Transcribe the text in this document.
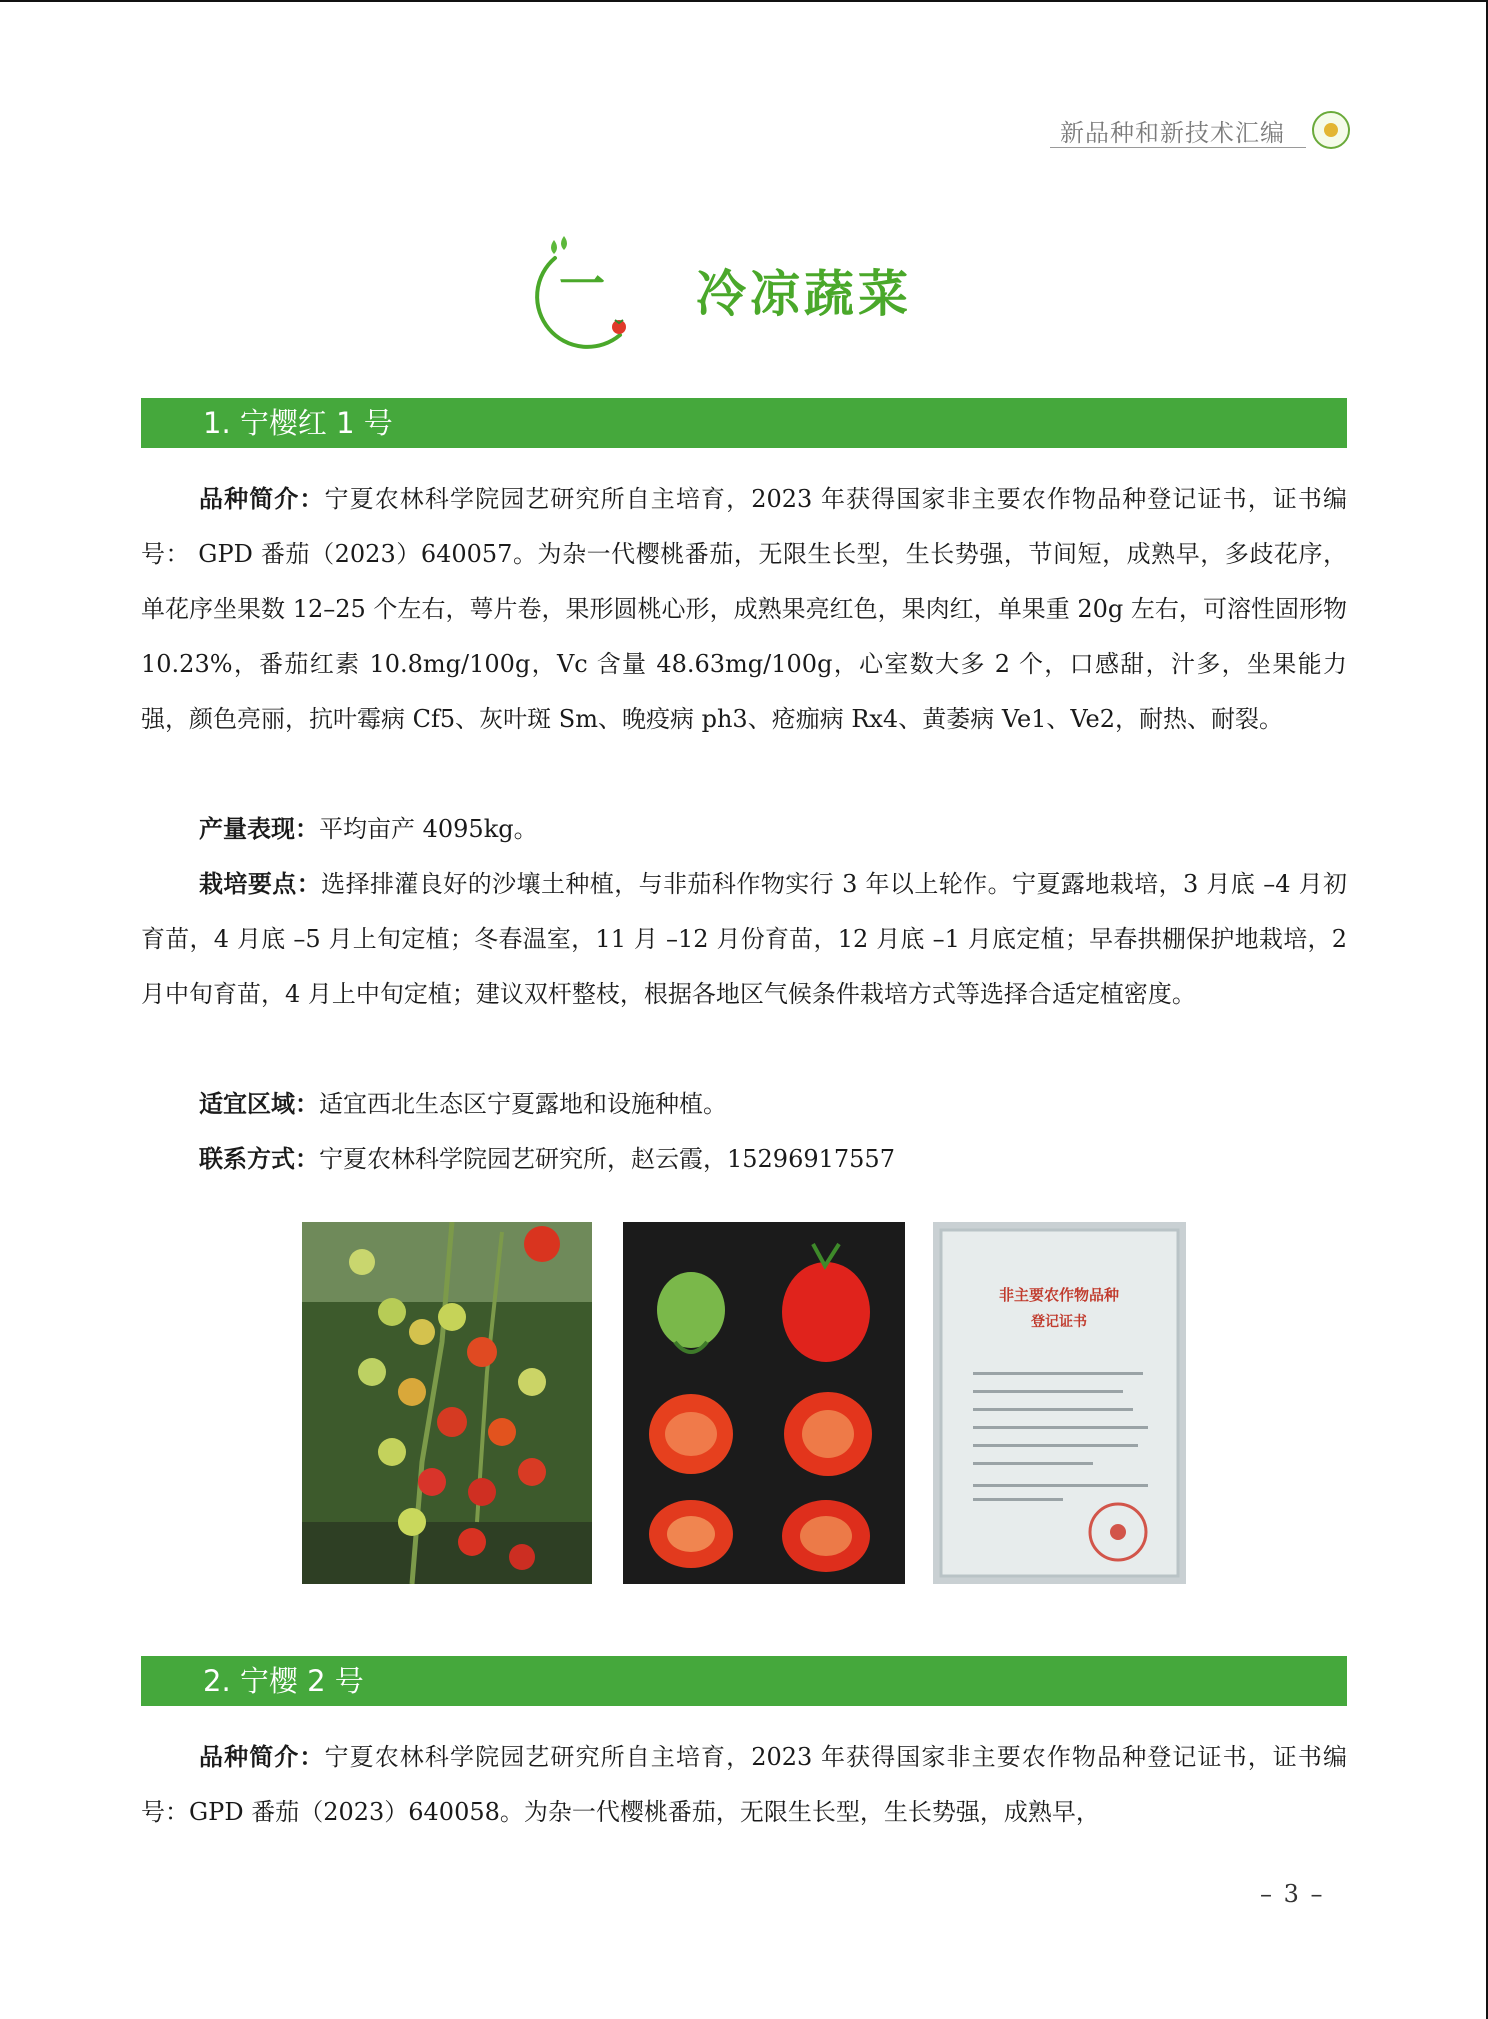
新品种和新技术汇编
一 冷凉蔬菜
1. 宁樱红 1 号

品种简介：宁夏农林科学院园艺研究所自主培育，2023 年获得国家非主要农作物品种登记证书，证书编号： GPD 番茄（2023）640057。为杂一代樱桃番茄，无限生长型，生长势强，节间短，成熟早，多歧花序，单花序坐果数 12–25 个左右，萼片卷，果形圆桃心形，成熟果亮红色，果肉红，单果重 20g 左右，可溶性固形物 10.23%，番茄红素 10.8mg/100g，Vc 含量 48.63mg/100g，心室数大多 2 个，口感甜，汁多，坐果能力强，颜色亮丽，抗叶霉病 Cf5、灰叶斑 Sm、晚疫病 ph3、疮痂病 Rx4、黄萎病 Ve1、Ve2，耐热、耐裂。

产量表现：平均亩产 4095kg。

栽培要点：选择排灌良好的沙壤土种植，与非茄科作物实行 3 年以上轮作。宁夏露地栽培，3 月底 –4 月初育苗，4 月底 –5 月上旬定植；冬春温室，11 月 –12 月份育苗，12 月底 –1 月底定植；早春拱棚保护地栽培，2 月中旬育苗，4 月上中旬定植；建议双杆整枝，根据各地区气候条件栽培方式等选择合适定植密度。

适宜区域：适宜西北生态区宁夏露地和设施种植。

联系方式：宁夏农林科学院园艺研究所，赵云霞，15296917557

非主要农作物品种
登记证书
2. 宁樱 2 号

品种简介：宁夏农林科学院园艺研究所自主培育，2023 年获得国家非主要农作物品种登记证书，证书编号：GPD 番茄（2023）640058。为杂一代樱桃番茄，无限生长型，生长势强，成熟早，

– 3 –
